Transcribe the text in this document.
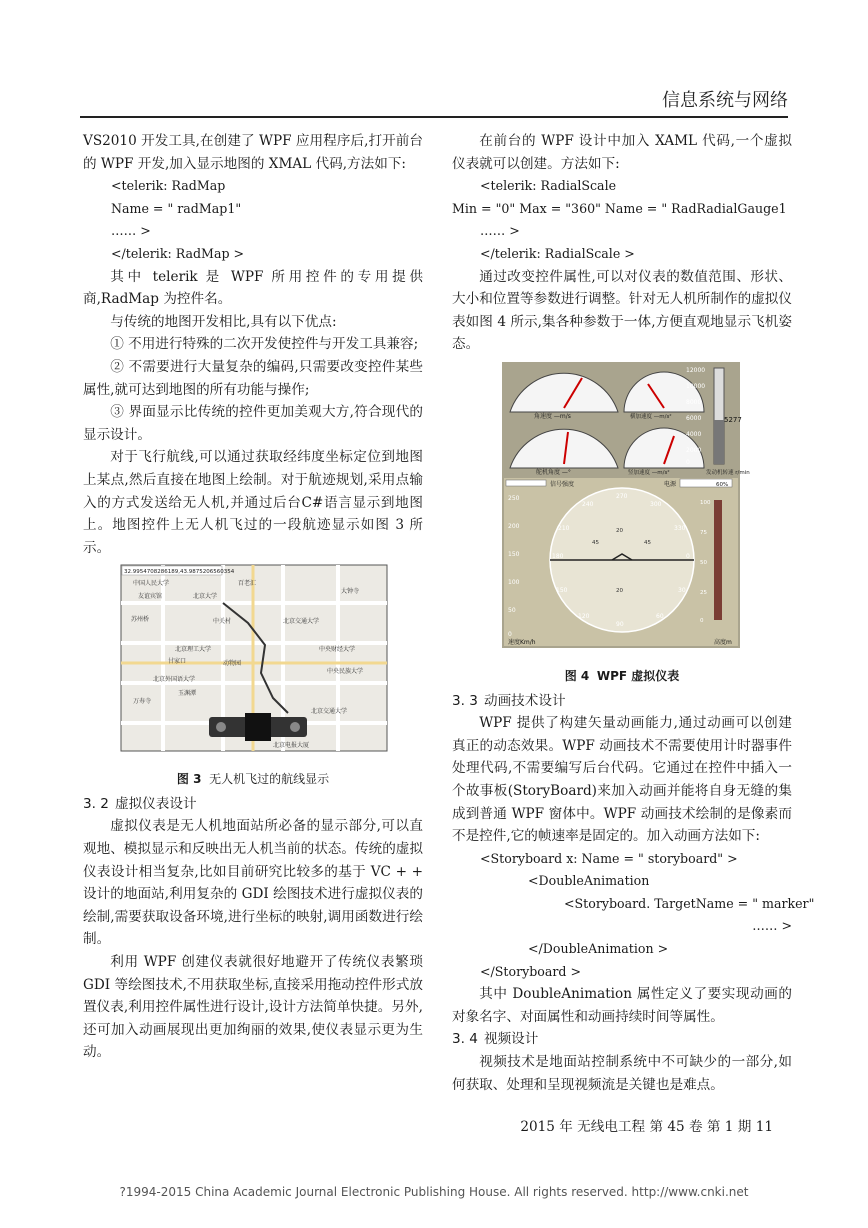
信息系统与网络

VS2010 开发工具,在创建了 WPF 应用程序后,打开前台的 WPF 开发,加入显示地图的 XMAL 代码,方法如下:

<telerik: RadMap
Name = " radMap1"
…… >
</telerik: RadMap >

其中 telerik 是 WPF 所用控件的专用提供商,RadMap 为控件名。

与传统的地图开发相比,具有以下优点:

① 不用进行特殊的二次开发使控件与开发工具兼容;

② 不需要进行大量复杂的编码,只需要改变控件某些属性,就可达到地图的所有功能与操作;

③ 界面显示比传统的控件更加美观大方,符合现代的显示设计。

对于飞行航线,可以通过获取经纬度坐标定位到地图上某点,然后直接在地图上绘制。对于航迹规划,采用点输入的方式发送给无人机,并通过后台C#语言显示到地图上。地图控件上无人机飞过的一段航迹显示如图 3 所示。

32.9954708286189,43.9875206560354
中国人民大学	百老汇
友谊宾馆	北京大学
大钟寺
苏州桥
北京理工大学
北京交通大学
中关村
北京外国语大学
中央财经大学
北京交通大学
中央民族大学
万寿寺
动物园
甘家口
玉渊潭
北京电报大厦
图 3 无人机飞过的航线显示
3. 2 虚拟仪表设计

虚拟仪表是无人机地面站所必备的显示部分,可以直观地、模拟显示和反映出无人机当前的状态。传统的虚拟仪表设计相当复杂,比如目前研究比较多的基于 VC + + 设计的地面站,利用复杂的 GDI 绘图技术进行虚拟仪表的绘制,需要获取设备环境,进行坐标的映射,调用函数进行绘制。

利用 WPF 创建仪表就很好地避开了传统仪表繁琐 GDI 等绘图技术,不用获取坐标,直接采用拖动控件形式放置仪表,利用控件属性进行设计,设计方法简单快捷。另外,还可加入动画展现出更加绚丽的效果,使仪表显示更为生动。

在前台的 WPF 设计中加入 XAML 代码,一个虚拟仪表就可以创建。方法如下:

<telerik: RadialScale
Min = "0" Max = "360" Name = " RadRadialGauge1
…… >
</telerik: RadialScale >

通过改变控件属性,可以对仪表的数值范围、形状、大小和位置等参数进行调整。针对无人机所制作的虚拟仪表如图 4 所示,集各种参数于一体,方便直观地显示飞机姿态。

角速度 —m/s	横加速度 —m/s²
舵机角度 —°	竖加速度 —m/s²
12000
10000
8000
6000
4000
2000
0
5277
发动机转速 r/min
信号强度	电源	60%
270
240	300
210	330
180	0
150	30
120	60
90
20
45	45
20
250
200
150
100
50
0
100
75
50
25
0
速度Km/h	高度m
图 4 WPF 虚拟仪表
3. 3 动画技术设计

WPF 提供了构建矢量动画能力,通过动画可以创建真正的动态效果。WPF 动画技术不需要使用计时器事件处理代码,不需要编写后台代码。它通过在控件中插入一个故事板(StoryBoard)来加入动画并能将自身无缝的集成到普通 WPF 窗体中。WPF 动画技术绘制的是像素而不是控件,它的帧速率是固定的。加入动画方法如下:

<Storyboard x: Name = " storyboard" >
<DoubleAnimation
<Storyboard. TargetName = " marker"
…… >
</DoubleAnimation >
</Storyboard >

其中 DoubleAnimation 属性定义了要实现动画的对象名字、对面属性和动画持续时间等属性。

3. 4 视频设计

视频技术是地面站控制系统中不可缺少的一部分,如何获取、处理和呈现视频流是关键也是难点。

2015 年 无线电工程 第 45 卷 第 1 期 11
?1994-2015 China Academic Journal Electronic Publishing House. All rights reserved. http://www.cnki.net
